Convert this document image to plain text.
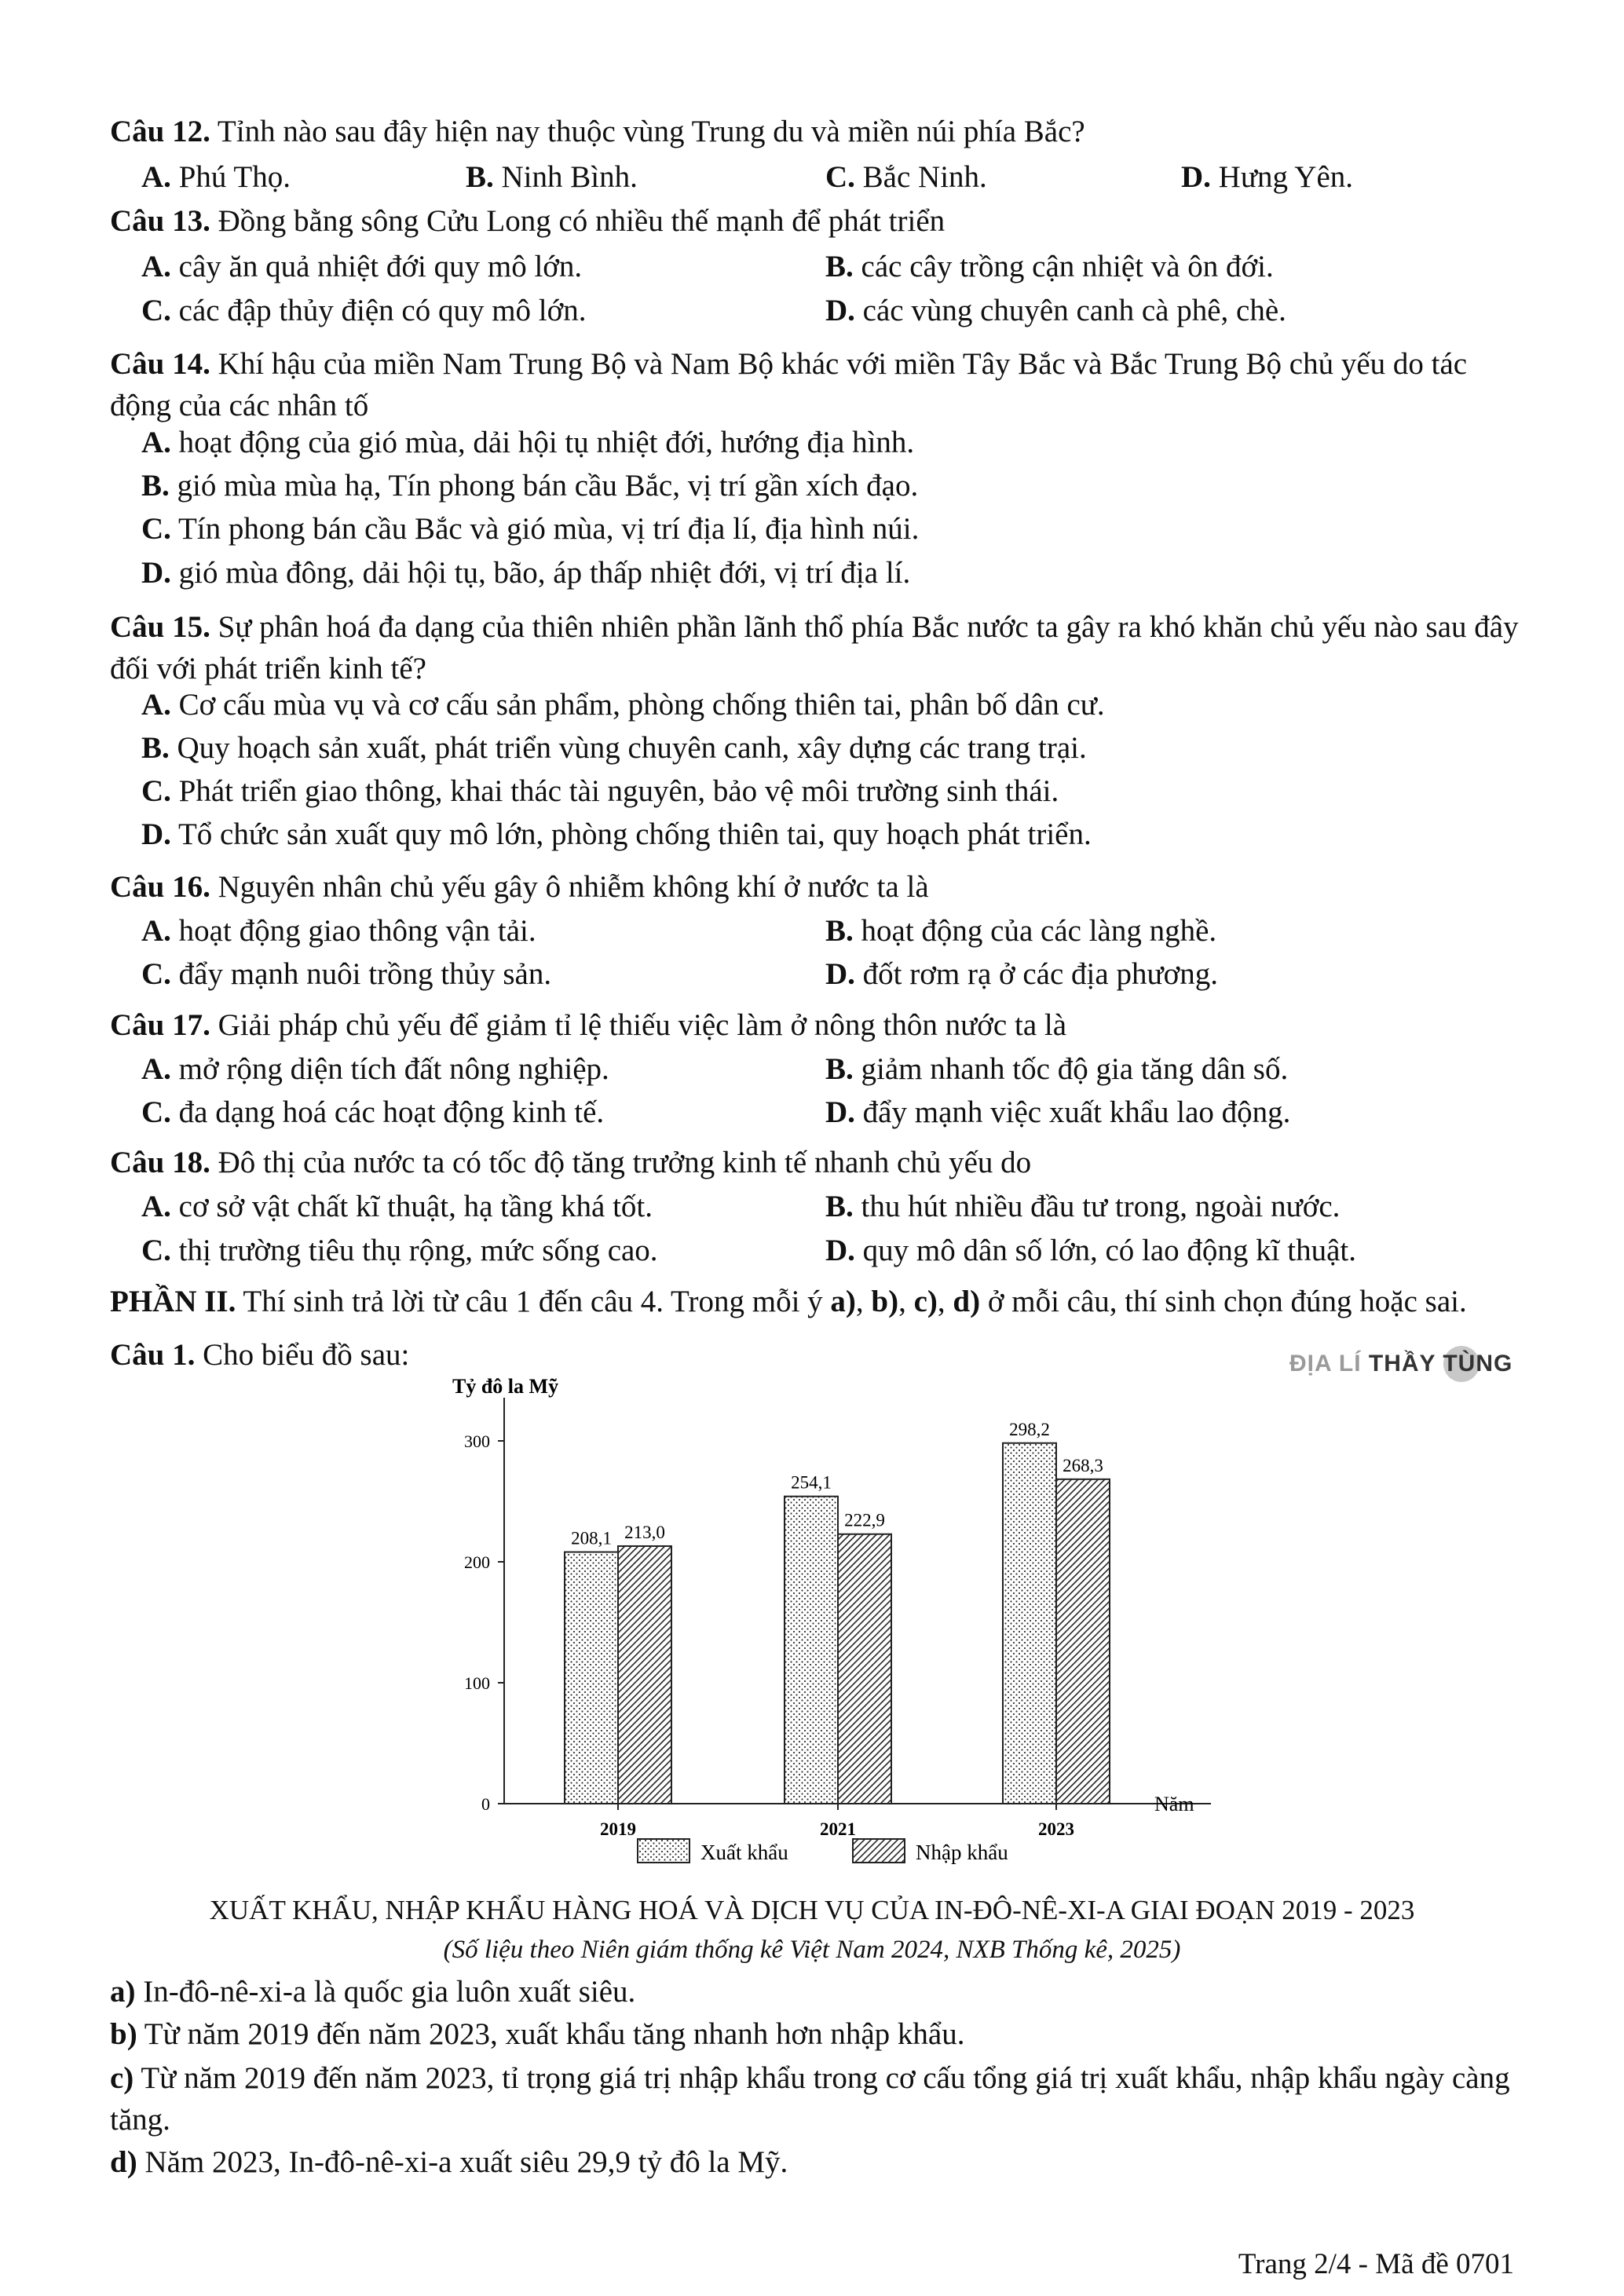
Câu 12. Tỉnh nào sau đây hiện nay thuộc vùng Trung du và miền núi phía Bắc?
A. Phú Thọ.	B. Ninh Bình.	C. Bắc Ninh.	D. Hưng Yên.
Câu 13. Đồng bằng sông Cửu Long có nhiều thế mạnh để phát triển
A. cây ăn quả nhiệt đới quy mô lớn.	B. các cây trồng cận nhiệt và ôn đới.
C. các đập thủy điện có quy mô lớn.	D. các vùng chuyên canh cà phê, chè.
Câu 14. Khí hậu của miền Nam Trung Bộ và Nam Bộ khác với miền Tây Bắc và Bắc Trung Bộ chủ yếu do tác động của các nhân tố
A. hoạt động của gió mùa, dải hội tụ nhiệt đới, hướng địa hình.
B. gió mùa mùa hạ, Tín phong bán cầu Bắc, vị trí gần xích đạo.
C. Tín phong bán cầu Bắc và gió mùa, vị trí địa lí, địa hình núi.
D. gió mùa đông, dải hội tụ, bão, áp thấp nhiệt đới, vị trí địa lí.
Câu 15. Sự phân hoá đa dạng của thiên nhiên phần lãnh thổ phía Bắc nước ta gây ra khó khăn chủ yếu nào sau đây đối với phát triển kinh tế?
A. Cơ cấu mùa vụ và cơ cấu sản phẩm, phòng chống thiên tai, phân bố dân cư.
B. Quy hoạch sản xuất, phát triển vùng chuyên canh, xây dựng các trang trại.
C. Phát triển giao thông, khai thác tài nguyên, bảo vệ môi trường sinh thái.
D. Tổ chức sản xuất quy mô lớn, phòng chống thiên tai, quy hoạch phát triển.
Câu 16. Nguyên nhân chủ yếu gây ô nhiễm không khí ở nước ta là
A. hoạt động giao thông vận tải.	B. hoạt động của các làng nghề.
C. đẩy mạnh nuôi trồng thủy sản.	D. đốt rơm rạ ở các địa phương.
Câu 17. Giải pháp chủ yếu để giảm tỉ lệ thiếu việc làm ở nông thôn nước ta là
A. mở rộng diện tích đất nông nghiệp.	B. giảm nhanh tốc độ gia tăng dân số.
C. đa dạng hoá các hoạt động kinh tế.	D. đẩy mạnh việc xuất khẩu lao động.
Câu 18. Đô thị của nước ta có tốc độ tăng trưởng kinh tế nhanh chủ yếu do
A. cơ sở vật chất kĩ thuật, hạ tầng khá tốt.	B. thu hút nhiều đầu tư trong, ngoài nước.
C. thị trường tiêu thụ rộng, mức sống cao.	D. quy mô dân số lớn, có lao động kĩ thuật.
PHẦN II. Thí sinh trả lời từ câu 1 đến câu 4. Trong mỗi ý a), b), c), d) ở mỗi câu, thí sinh chọn đúng hoặc sai.
Câu 1. Cho biểu đồ sau:	ĐỊA LÍ THẦY TÙNG
0
100
200
300
Tỷ đô la Mỹ
Năm
208,1 213,0
2019
254,1
222,9
2021
298,2
268,3
2023
Xuất khẩu	Nhập khẩu
XUẤT KHẨU, NHẬP KHẨU HÀNG HOÁ VÀ DỊCH VỤ CỦA IN-ĐÔ-NÊ-XI-A GIAI ĐOẠN 2019 - 2023
(Số liệu theo Niên giám thống kê Việt Nam 2024, NXB Thống kê, 2025)
a) In-đô-nê-xi-a là quốc gia luôn xuất siêu.
b) Từ năm 2019 đến năm 2023, xuất khẩu tăng nhanh hơn nhập khẩu.
c) Từ năm 2019 đến năm 2023, tỉ trọng giá trị nhập khẩu trong cơ cấu tổng giá trị xuất khẩu, nhập khẩu ngày càng tăng.
d) Năm 2023, In-đô-nê-xi-a xuất siêu 29,9 tỷ đô la Mỹ.
Trang 2/4 - Mã đề 0701
